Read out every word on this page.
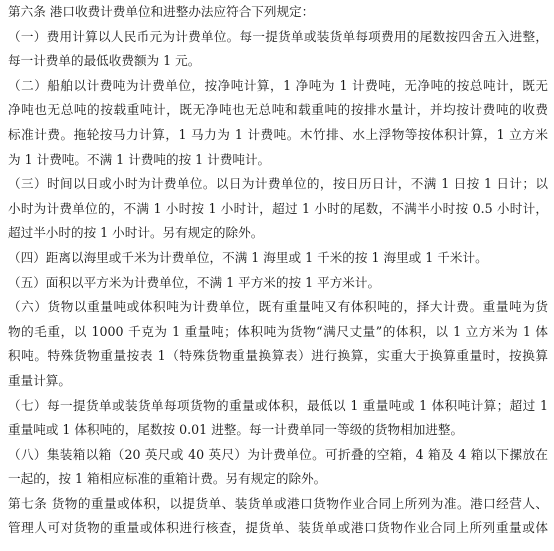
第六条 港口收费计费单位和进整办法应符合下列规定：
（一）费用计算以人民币元为计费单位。每一提货单或装货单每项费用的尾数按四舍五入进整，
每一计费单的最低收费额为 1 元。
（二）船舶以计费吨为计费单位，按净吨计算，1 净吨为 1 计费吨，无净吨的按总吨计，既无
净吨也无总吨的按载重吨计，既无净吨也无总吨和载重吨的按排水量计，并均按计费吨的收费
标准计费。拖轮按马力计算，1 马力为 1 计费吨。木竹排、水上浮物等按体积计算，1 立方米
为 1 计费吨。不满 1 计费吨的按 1 计费吨计。
（三）时间以日或小时为计费单位。以日为计费单位的，按日历日计，不满 1 日按 1 日计；以
小时为计费单位的，不满 1 小时按 1 小时计，超过 1 小时的尾数，不满半小时按 0.5 小时计，
超过半小时的按 1 小时计。另有规定的除外。
（四）距离以海里或千米为计费单位，不满 1 海里或 1 千米的按 1 海里或 1 千米计。
（五）面积以平方米为计费单位，不满 1 平方米的按 1 平方米计。
（六）货物以重量吨或体积吨为计费单位，既有重量吨又有体积吨的，择大计费。重量吨为货
物的毛重，以 1000 千克为 1 重量吨；体积吨为货物“满尺丈量”的体积，以 1 立方米为 1 体
积吨。特殊货物重量按表 1（特殊货物重量换算表）进行换算，实重大于换算重量时，按换算
重量计算。
（七）每一提货单或装货单每项货物的重量或体积，最低以 1 重量吨或 1 体积吨计算；超过 1
重量吨或 1 体积吨的，尾数按 0.01 进整。每一计费单同一等级的货物相加进整。
（八）集装箱以箱（20 英尺或 40 英尺）为计费单位。可折叠的空箱，4 箱及 4 箱以下摞放在
一起的，按 1 箱相应标准的重箱计费。另有规定的除外。
第七条 货物的重量或体积，以提货单、装货单或港口货物作业合同上所列为准。港口经营人、
管理人可对货物的重量或体积进行核查，提货单、装货单或港口货物作业合同上所列重量或体
